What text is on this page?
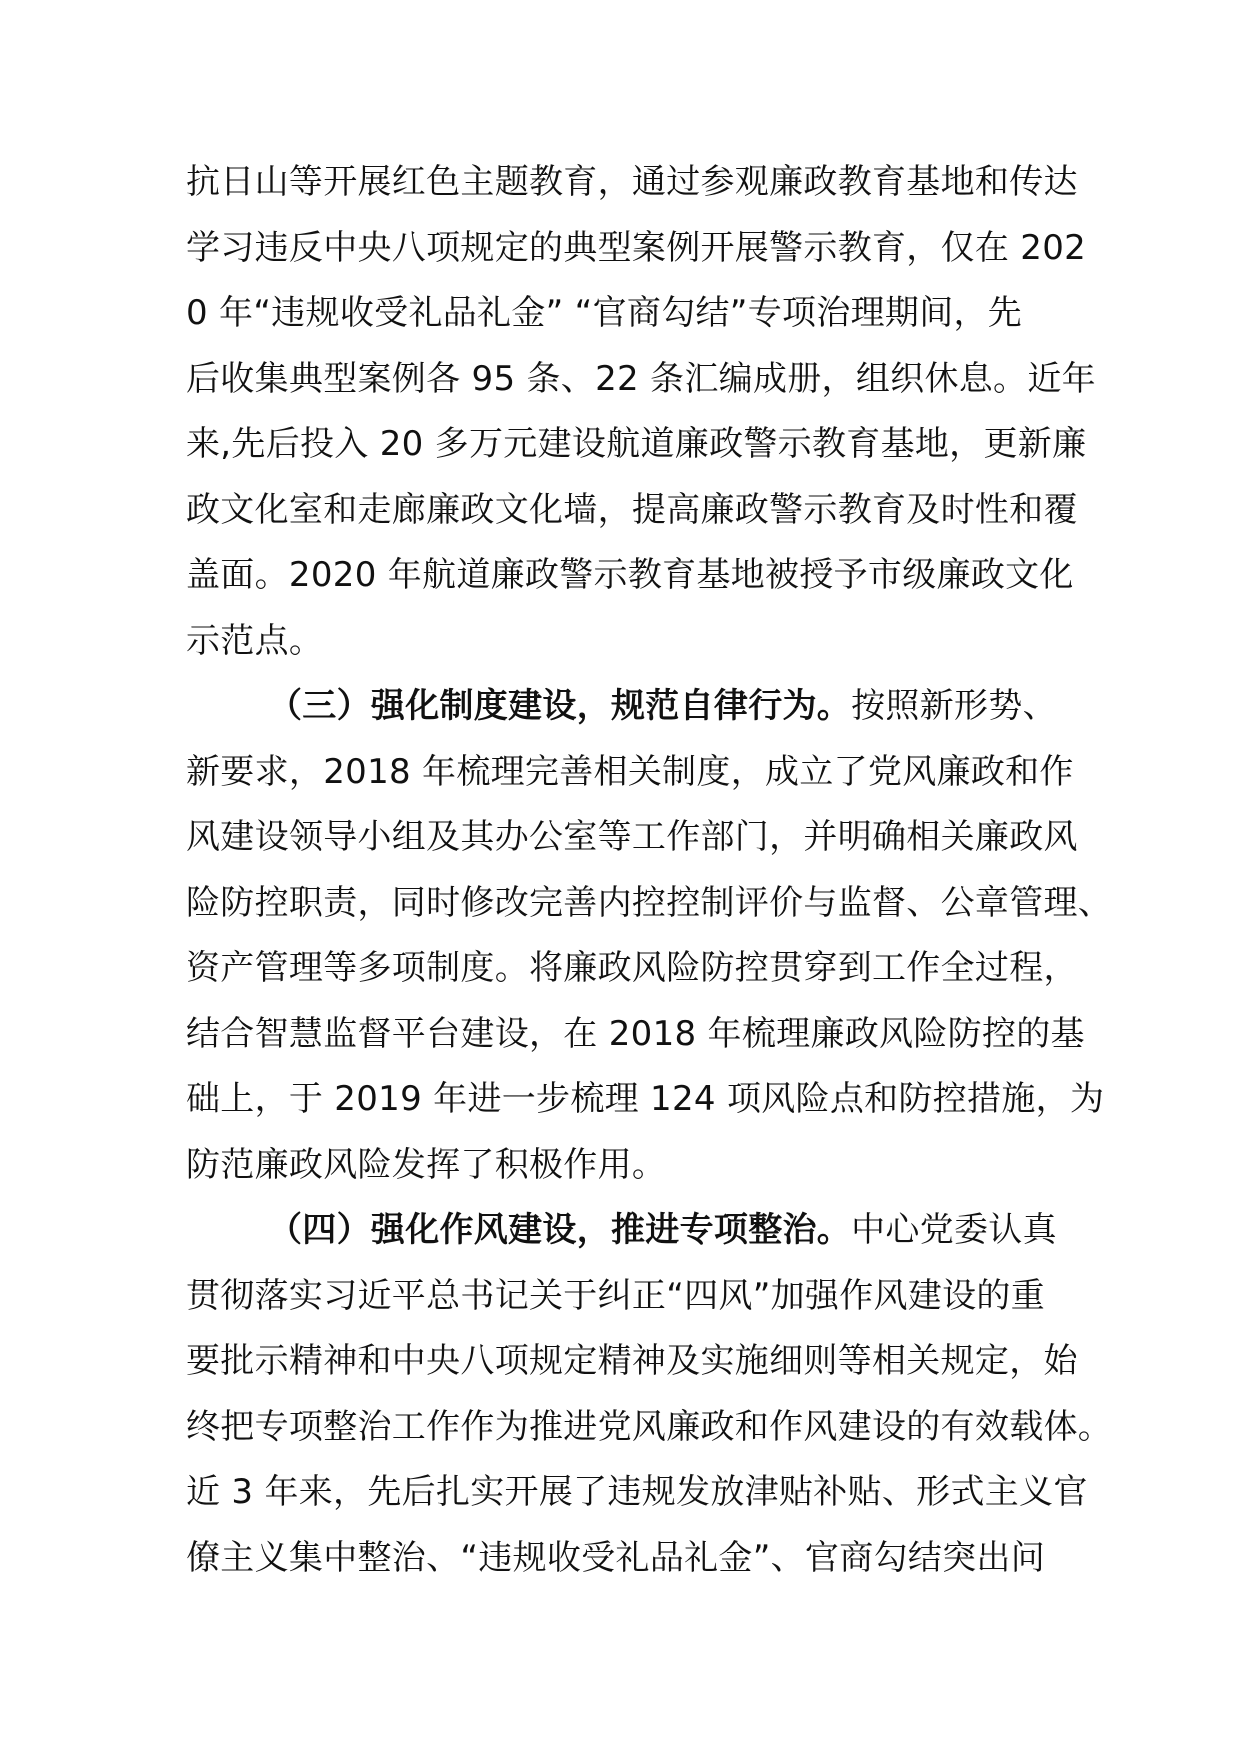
抗日山等开展红色主题教育，通过参观廉政教育基地和传达
学习违反中央八项规定的典型案例开展警示教育，仅在 202
0 年“违规收受礼品礼金” “官商勾结”专项治理期间，先
后收集典型案例各 95 条、22 条汇编成册，组织休息。近年
来,先后投入 20 多万元建设航道廉政警示教育基地，更新廉
政文化室和走廊廉政文化墙，提高廉政警示教育及时性和覆
盖面。2020 年航道廉政警示教育基地被授予市级廉政文化
示范点。
（三）强化制度建设，规范自律行为。按照新形势、
新要求，2018 年梳理完善相关制度，成立了党风廉政和作
风建设领导小组及其办公室等工作部门，并明确相关廉政风
险防控职责，同时修改完善内控控制评价与监督、公章管理、
资产管理等多项制度。将廉政风险防控贯穿到工作全过程，
结合智慧监督平台建设，在 2018 年梳理廉政风险防控的基
础上，于 2019 年进一步梳理 124 项风险点和防控措施，为
防范廉政风险发挥了积极作用。
（四）强化作风建设，推进专项整治。中心党委认真
贯彻落实习近平总书记关于纠正“四风”加强作风建设的重
要批示精神和中央八项规定精神及实施细则等相关规定，始
终把专项整治工作作为推进党风廉政和作风建设的有效载体。
近 3 年来，先后扎实开展了违规发放津贴补贴、形式主义官
僚主义集中整治、“违规收受礼品礼金”、官商勾结突出问
